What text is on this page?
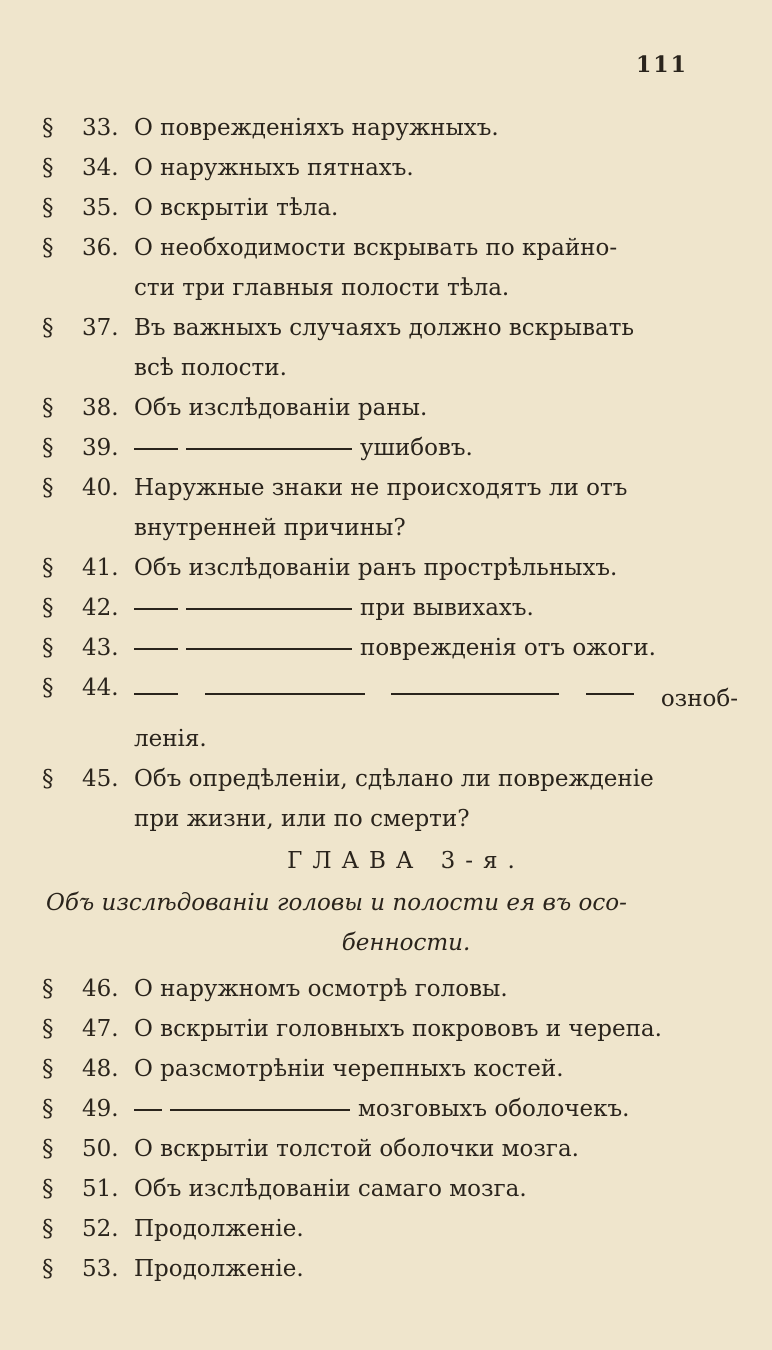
111
§	33. О поврежденіяхъ наружныхъ.
§	34. О наружныхъ пятнахъ.
§	35. О вскрытіи тѣла.
§	36. О необходимости вскрывать по крайно-
сти три главныя полости тѣла.
§	37. Въ важныхъ случаяхъ должно вскрывать
всѣ полости.
§	38. Объ изслѣдованіи раны.
§	39.	ушибовъ.
§	40. Наружные знаки не происходятъ ли отъ
внутренней причины?
§	41. Объ изслѣдованіи ранъ прострѣльныхъ.
§	42.	при вывихахъ.
§	43.	поврежденія отъ ожоги.
§	44.	озноб-
ленія.
§	45. Объ опредѣленіи, сдѣлано ли поврежденіе
при жизни, или по смерти?
ГЛАВА 3-я.
Объ изслѣдованіи головы и полости ея въ осо-
бенности.
§	46. О наружномъ осмотрѣ головы.
§	47. О вскрытіи головныхъ покрововъ и черепа.
§	48. О разсмотрѣніи черепныхъ костей.
§	49.	мозговыхъ оболочекъ.
§	50. О вскрытіи толстой оболочки мозга.
§	51. Объ изслѣдованіи самаго мозга.
§	52. Продолженіе.
§	53. Продолженіе.
